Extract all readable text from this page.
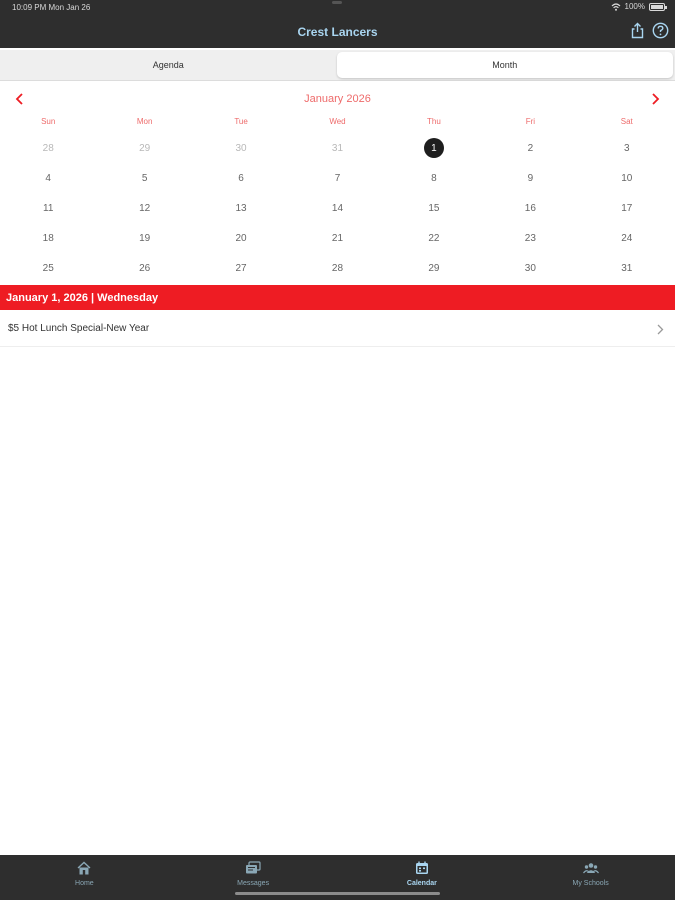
10:09 PM Mon Jan 26	100%
Crest Lancers
Agenda	Month
January 2026
Sun	Mon	Tue	Wed	Thu	Fri	Sat
28	29	30	31	1	2	3
4	5	6	7	8	9	10
11	12	13	14	15	16	17
18	19	20	21	22	23	24
25	26	27	28	29	30	31
January 1, 2026 | Wednesday
$5 Hot Lunch Special-New Year
Home	Messages	Calendar	My Schools
